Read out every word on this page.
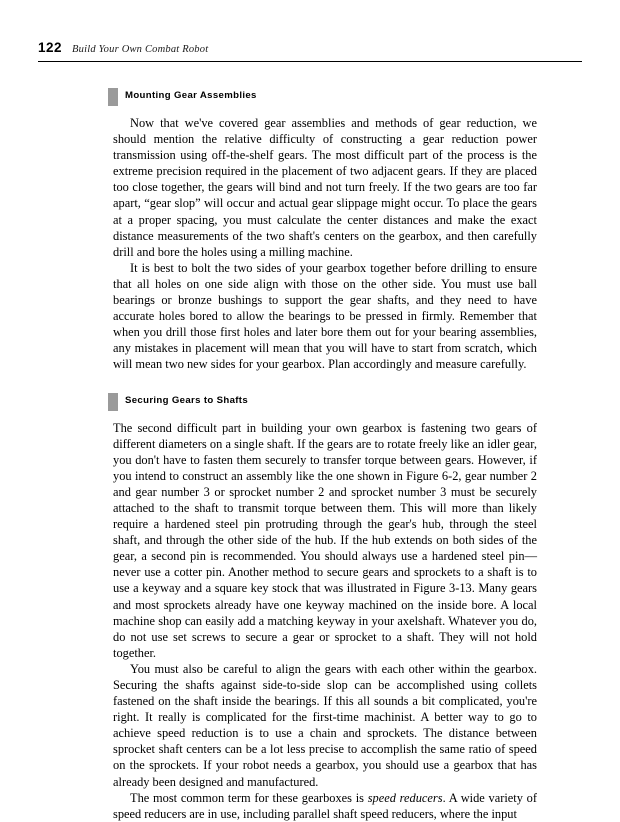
122 Build Your Own Combat Robot
Mounting Gear Assemblies

Now that we've covered gear assemblies and methods of gear reduction, we should mention the relative difficulty of constructing a gear reduction power transmission using off-the-shelf gears. The most difficult part of the process is the extreme precision required in the placement of two adjacent gears. If they are placed too close together, the gears will bind and not turn freely. If the two gears are too far apart, “gear slop” will occur and actual gear slippage might occur. To place the gears at a proper spacing, you must calculate the center distances and make the exact distance measurements of the two shaft's centers on the gearbox, and then carefully drill and bore the holes using a milling machine.

It is best to bolt the two sides of your gearbox together before drilling to ensure that all holes on one side align with those on the other side. You must use ball bearings or bronze bushings to support the gear shafts, and they need to have accurate holes bored to allow the bearings to be pressed in firmly. Remember that when you drill those first holes and later bore them out for your bearing assemblies, any mistakes in placement will mean that you will have to start from scratch, which will mean two new sides for your gearbox. Plan accordingly and measure carefully.

Securing Gears to Shafts

The second difficult part in building your own gearbox is fastening two gears of different diameters on a single shaft. If the gears are to rotate freely like an idler gear, you don't have to fasten them securely to transfer torque between gears. However, if you intend to construct an assembly like the one shown in Figure 6-2, gear number 2 and gear number 3 or sprocket number 2 and sprocket number 3 must be securely attached to the shaft to transmit torque between them. This will more than likely require a hardened steel pin protruding through the gear's hub, through the steel shaft, and through the other side of the hub. If the hub extends on both sides of the gear, a second pin is recommended. You should always use a hardened steel pin—never use a cotter pin. Another method to secure gears and sprockets to a shaft is to use a keyway and a square key stock that was illustrated in Figure 3-13. Many gears and most sprockets already have one keyway machined on the inside bore. A local machine shop can easily add a matching keyway in your axelshaft. Whatever you do, do not use set screws to secure a gear or sprocket to a shaft. They will not hold together.

You must also be careful to align the gears with each other within the gearbox. Securing the shafts against side-to-side slop can be accomplished using collets fastened on the shaft inside the bearings. If this all sounds a bit complicated, you're right. It really is complicated for the first-time machinist. A better way to go to achieve speed reduction is to use a chain and sprockets. The distance between sprocket shaft centers can be a lot less precise to accomplish the same ratio of speed on the sprockets. If your robot needs a gearbox, you should use a gearbox that has already been designed and manufactured.

The most common term for these gearboxes is speed reducers. A wide variety of speed reducers are in use, including parallel shaft speed reducers, where the input
